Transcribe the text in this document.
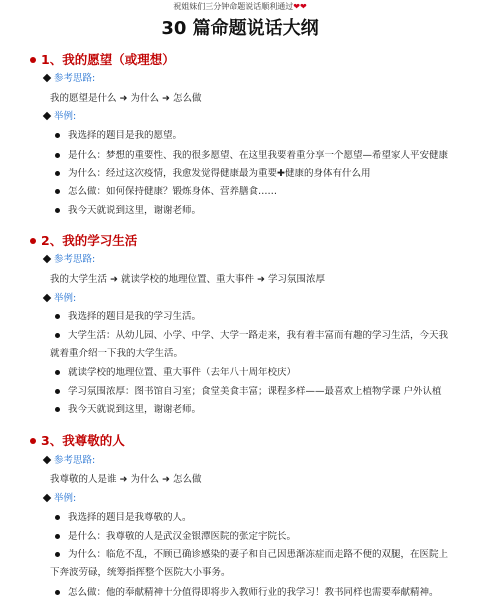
祝姐妹们三分钟命题说话顺利通过❤❤
30 篇命题说话大纲
1、我的愿望（或理想）
参考思路:
我的愿望是什么 ➜ 为什么 ➜ 怎么做
举例:
我选择的题目是我的愿望。
是什么：梦想的重要性、我的很多愿望、在这里我要着重分享一个愿望—希望家人平安健康
为什么：经过这次疫情，我愈发觉得健康最为重要✚健康的身体有什么用
怎么做：如何保持健康？锻炼身体、营养膳食……
我今天就说到这里，谢谢老师。
2、我的学习生活
参考思路:
我的大学生活 ➜ 就读学校的地理位置、重大事件 ➜ 学习氛围浓厚
举例:
我选择的题目是我的学习生活。
大学生活：从幼儿园、小学、中学、大学一路走来，我有着丰富而有趣的学习生活，今天我
就着重介绍一下我的大学生活。
就读学校的地理位置、重大事件（去年八十周年校庆）
学习氛围浓厚：图书馆自习室；食堂美食丰富；课程多样——最喜欢上植物学课 户外认植
我今天就说到这里，谢谢老师。
3、我尊敬的人
参考思路:
我尊敬的人是谁 ➜ 为什么 ➜ 怎么做
举例:
我选择的题目是我尊敬的人。
是什么：我尊敬的人是武汉金银潭医院的张定宇院长。
为什么：临危不乱，不顾已确诊感染的妻子和自己因患渐冻症而走路不便的双腿，在医院上
下奔波劳碌，统筹指挥整个医院大小事务。
怎么做：他的奉献精神十分值得即将步入教师行业的我学习！教书同样也需要奉献精神。
